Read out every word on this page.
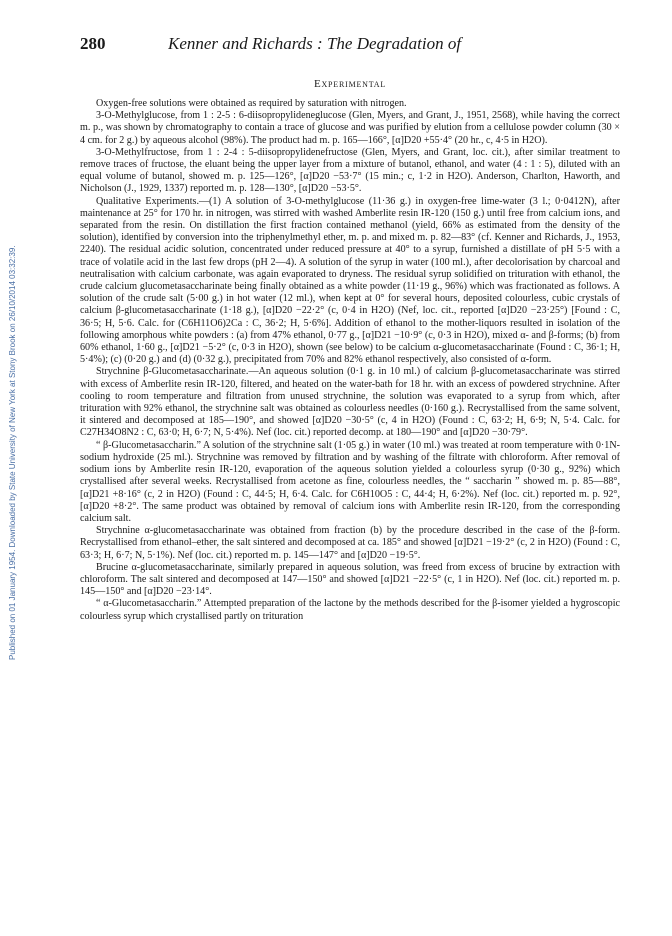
Published on 01 January 1954. Downloaded by State University of New York at Stony Brook on 26/10/2014 03:32:39.
280	Kenner and Richards : The Degradation of
Experimental

Oxygen-free solutions were obtained as required by saturation with nitrogen.

3-O-Methylglucose, from 1 : 2-5 : 6-diisopropylideneglucose (Glen, Myers, and Grant, J., 1951, 2568), while having the correct m. p., was shown by chromatography to contain a trace of glucose and was purified by elution from a cellulose powder column (30 × 4 cm. for 2 g.) by aqueous alcohol (98%). The product had m. p. 165—166°, [α]D20 +55·4° (20 hr., c, 4·5 in H2O).

3-O-Methylfructose, from 1 : 2-4 : 5-diisopropylidenefructose (Glen, Myers, and Grant, loc. cit.), after similar treatment to remove traces of fructose, the eluant being the upper layer from a mixture of butanol, ethanol, and water (4 : 1 : 5), diluted with an equal volume of butanol, showed m. p. 125—126°, [α]D20 −53·7° (15 min.; c, 1·2 in H2O). Anderson, Charlton, Haworth, and Nicholson (J., 1929, 1337) reported m. p. 128—130°, [α]D20 −53·5°.

Qualitative Experiments.—(1) A solution of 3-O-methylglucose (11·36 g.) in oxygen-free lime-water (3 l.; 0·0412N), after maintenance at 25° for 170 hr. in nitrogen, was stirred with washed Amberlite resin IR-120 (150 g.) until free from calcium ions, and separated from the resin. On distillation the first fraction contained methanol (yield, 66% as estimated from the density of the solution), identified by conversion into the triphenylmethyl ether, m. p. and mixed m. p. 82—83° (cf. Kenner and Richards, J., 1953, 2240). The residual acidic solution, concentrated under reduced pressure at 40° to a syrup, furnished a distillate of pH 5·5 with a trace of volatile acid in the last few drops (pH 2—4). A solution of the syrup in water (100 ml.), after decolorisation by charcoal and neutralisation with calcium carbonate, was again evaporated to dryness. The residual syrup solidified on trituration with ethanol, the crude calcium glucometasaccharinate being finally obtained as a white powder (11·19 g., 96%) which was fractionated as follows. A solution of the crude salt (5·00 g.) in hot water (12 ml.), when kept at 0° for several hours, deposited colourless, cubic crystals of calcium β-glucometasaccharinate (1·18 g.), [α]D20 −22·2° (c, 0·4 in H2O) (Nef, loc. cit., reported [α]D20 −23·25°) [Found : C, 36·5; H, 5·6. Calc. for (C6H11O6)2Ca : C, 36·2; H, 5·6%]. Addition of ethanol to the mother-liquors resulted in isolation of the following amorphous white powders : (a) from 47% ethanol, 0·77 g., [α]D21 −10·9° (c, 0·3 in H2O), mixed α- and β-forms; (b) from 60% ethanol, 1·60 g., [α]D21 −5·2° (c, 0·3 in H2O), shown (see below) to be calcium α-glucometasaccharinate (Found : C, 36·1; H, 5·4%); (c) (0·20 g.) and (d) (0·32 g.), precipitated from 70% and 82% ethanol respectively, also consisted of α-form.

Strychnine β-Glucometasaccharinate.—An aqueous solution (0·1 g. in 10 ml.) of calcium β-glucometasaccharinate was stirred with excess of Amberlite resin IR-120, filtered, and heated on the water-bath for 18 hr. with an excess of powdered strychnine. After cooling to room temperature and filtration from unused strychnine, the solution was evaporated to a syrup from which, after trituration with 92% ethanol, the strychnine salt was obtained as colourless needles (0·160 g.). Recrystallised from the same solvent, it sintered and decomposed at 185—190°, and showed [α]D20 −30·5° (c, 4 in H2O) (Found : C, 63·2; H, 6·9; N, 5·4. Calc. for C27H34O8N2 : C, 63·0; H, 6·7; N, 5·4%). Nef (loc. cit.) reported decomp. at 180—190° and [α]D20 −30·79°.

“ β-Glucometasaccharin.” A solution of the strychnine salt (1·05 g.) in water (10 ml.) was treated at room temperature with 0·1N-sodium hydroxide (25 ml.). Strychnine was removed by filtration and by washing of the filtrate with chloroform. After removal of sodium ions by Amberlite resin IR-120, evaporation of the aqueous solution yielded a colourless syrup (0·30 g., 92%) which crystallised after several weeks. Recrystallised from acetone as fine, colourless needles, the “ saccharin ” showed m. p. 85—88°, [α]D21 +8·16° (c, 2 in H2O) (Found : C, 44·5; H, 6·4. Calc. for C6H10O5 : C, 44·4; H, 6·2%). Nef (loc. cit.) reported m. p. 92°, [α]D20 +8·2°. The same product was obtained by removal of calcium ions with Amberlite resin IR-120, from the corresponding calcium salt.

Strychnine α-glucometasaccharinate was obtained from fraction (b) by the procedure described in the case of the β-form. Recrystallised from ethanol–ether, the salt sintered and decomposed at ca. 185° and showed [α]D21 −19·2° (c, 2 in H2O) (Found : C, 63·3; H, 6·7; N, 5·1%). Nef (loc. cit.) reported m. p. 145—147° and [α]D20 −19·5°.

Brucine α-glucometasaccharinate, similarly prepared in aqueous solution, was freed from excess of brucine by extraction with chloroform. The salt sintered and decomposed at 147—150° and showed [α]D21 −22·5° (c, 1 in H2O). Nef (loc. cit.) reported m. p. 145—150° and [α]D20 −23·14°.

“ α-Glucometasaccharin.” Attempted preparation of the lactone by the methods described for the β-isomer yielded a hygroscopic colourless syrup which crystallised partly on trituration
